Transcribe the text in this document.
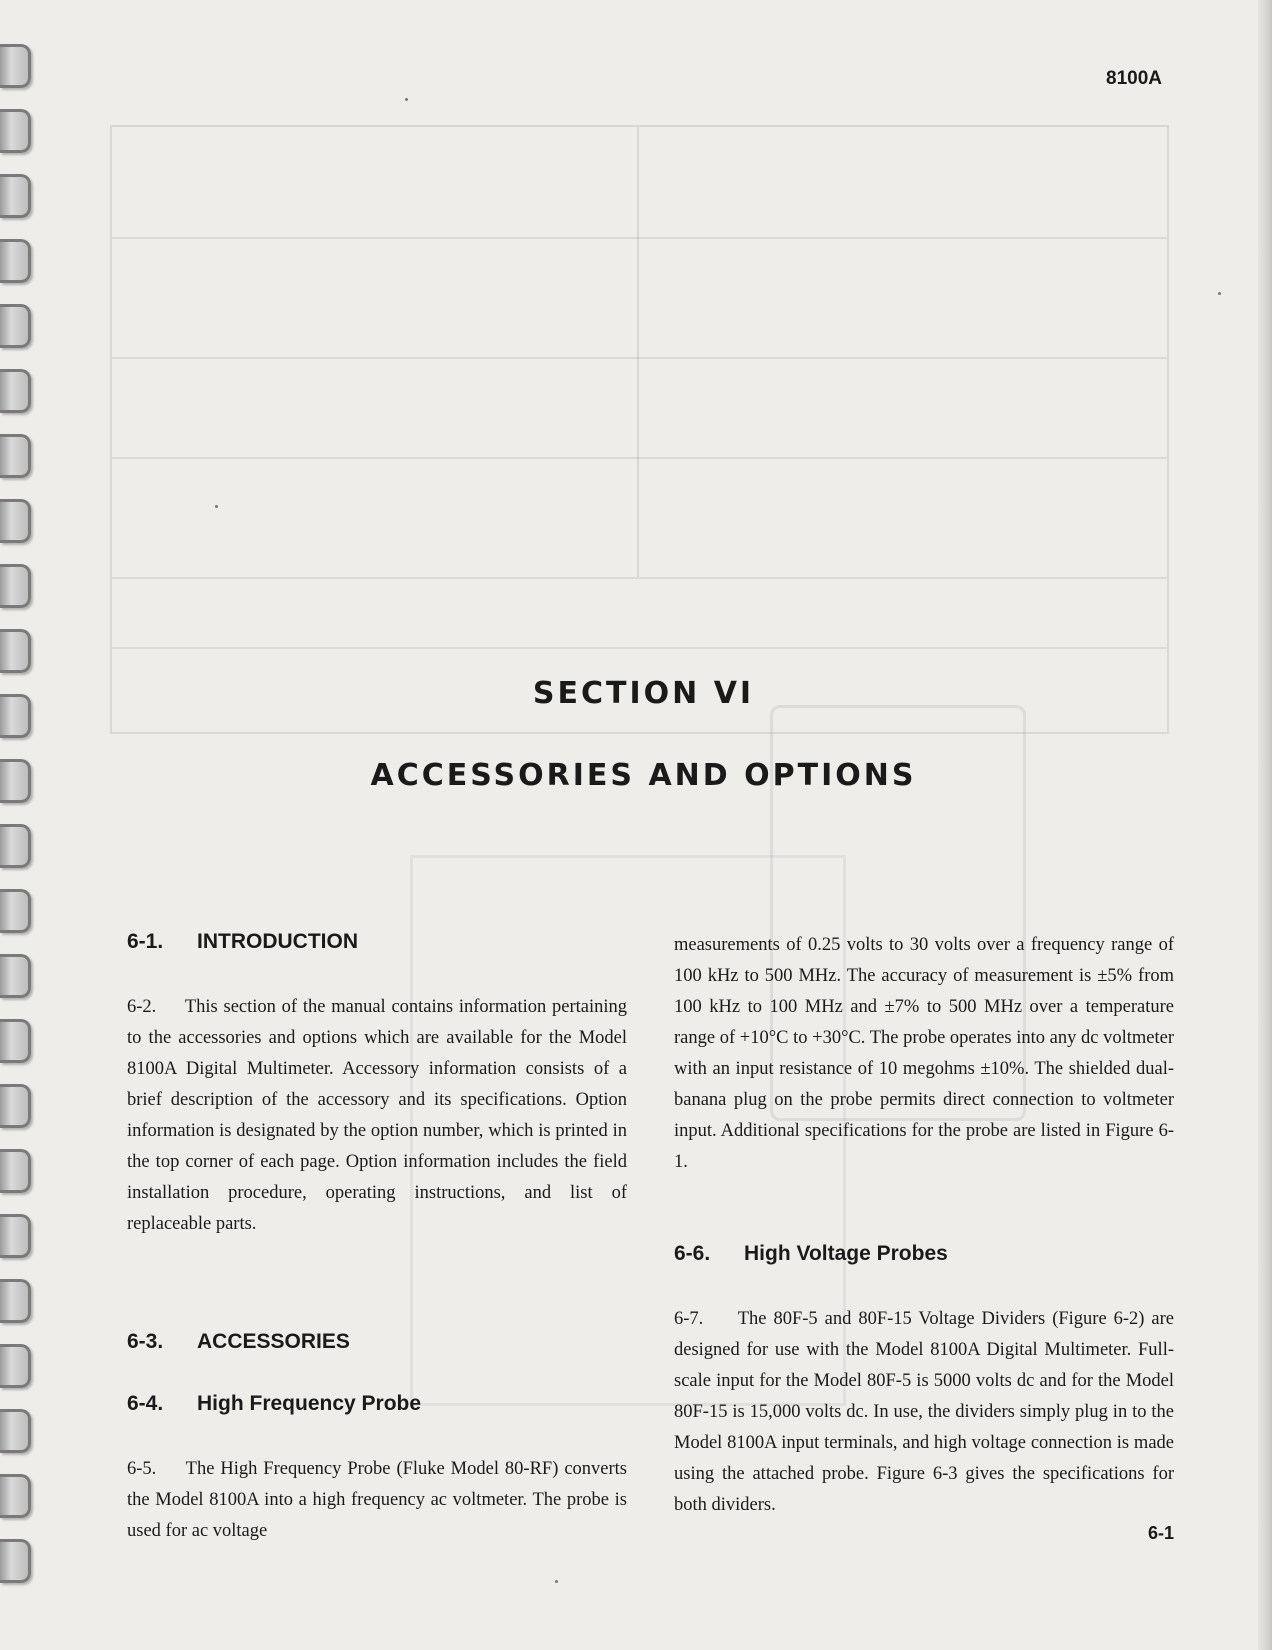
8100A
SECTION VI
ACCESSORIES AND OPTIONS
6-1. INTRODUCTION

6-2.     This section of the manual contains information pertaining to the accessories and options which are available for the Model 8100A Digital Multimeter. Accessory information consists of a brief description of the accessory and its specifications. Option information is designated by the option number, which is printed in the top corner of each page. Option information includes the field installation procedure, operating instructions, and list of replaceable parts.

6-3. ACCESSORIES
6-4. High Frequency Probe

6-5.     The High Frequency Probe (Fluke Model 80-RF) converts the Model 8100A into a high frequency ac voltmeter. The probe is used for ac voltage

measurements of 0.25 volts to 30 volts over a frequency range of 100 kHz to 500 MHz. The accuracy of measurement is ±5% from 100 kHz to 100 MHz and ±7% to 500 MHz over a temperature range of +10°C to +30°C. The probe operates into any dc voltmeter with an input resistance of 10 megohms ±10%. The shielded dual-banana plug on the probe permits direct connection to voltmeter input. Additional specifications for the probe are listed in Figure 6-1.

6-6. High Voltage Probes

6-7.     The 80F-5 and 80F-15 Voltage Dividers (Figure 6-2) are designed for use with the Model 8100A Digital Multimeter. Full-scale input for the Model 80F-5 is 5000 volts dc and for the Model 80F-15 is 15,000 volts dc. In use, the dividers simply plug in to the Model 8100A input terminals, and high voltage connection is made using the attached probe. Figure 6-3 gives the specifications for both dividers.

6-1
